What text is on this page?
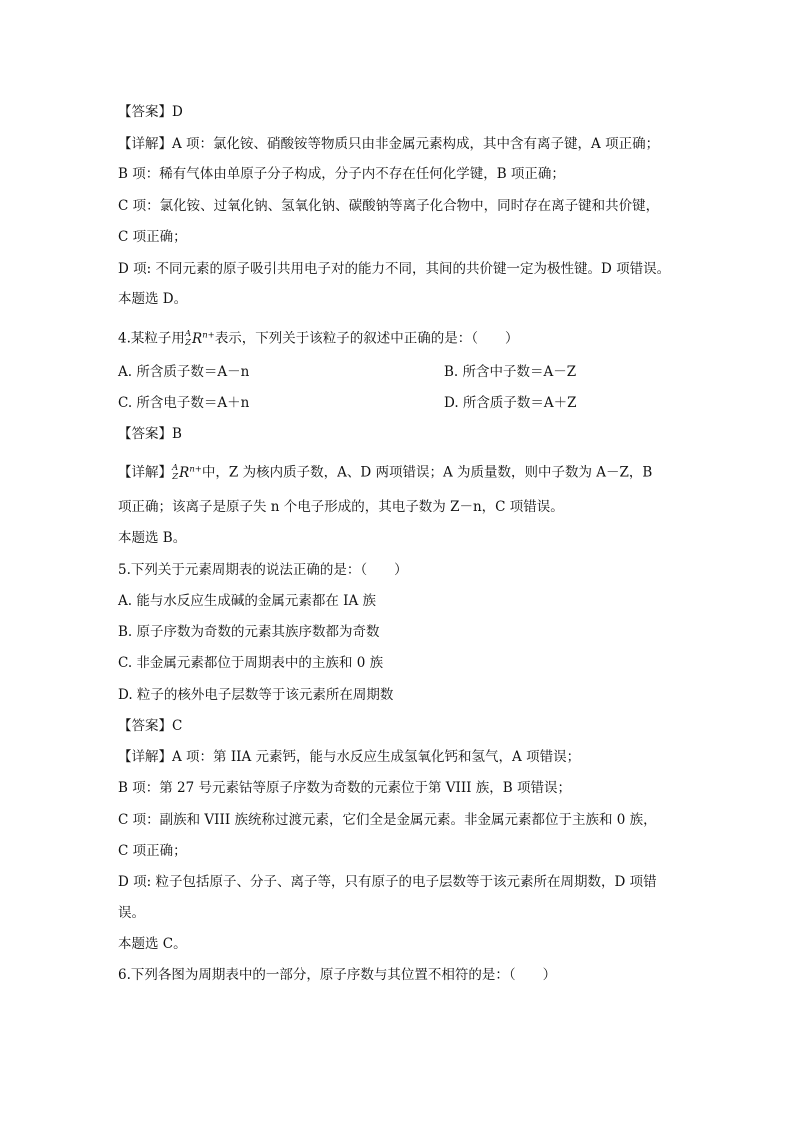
【答案】D
【详解】A 项：氯化铵、硝酸铵等物质只由非金属元素构成，其中含有离子键，A 项正确；
B 项：稀有气体由单原子分子构成，分子内不存在任何化学键，B 项正确；
C 项：氯化铵、过氧化钠、氢氧化钠、碳酸钠等离子化合物中，同时存在离子键和共价键，
C 项正确；
D 项: 不同元素的原子吸引共用电子对的能力不同，其间的共价键一定为极性键。D 项错误。
本题选 D。
4.某粒子用 A
Z $R^{n+}$表示，下列关于该粒子的叙述中正确的是：（　　）
A. 所含质子数＝A－n	B. 所含中子数＝A－Z
C. 所含电子数＝A＋n	D. 所含质子数＝A＋Z
【答案】B
【详解】 A
Z $R^{n+}$中，Z 为核内质子数，A、D 两项错误；A 为质量数，则中子数为 A－Z，B
项正确；该离子是原子失 n 个电子形成的，其电子数为 Z－n，C 项错误。
本题选 B。
5.下列关于元素周期表的说法正确的是：（　　）
A. 能与水反应生成碱的金属元素都在 IA 族
B. 原子序数为奇数的元素其族序数都为奇数
C. 非金属元素都位于周期表中的主族和 0 族
D. 粒子的核外电子层数等于该元素所在周期数
【答案】C
【详解】A 项：第 IIA 元素钙，能与水反应生成氢氧化钙和氢气，A 项错误；
B 项：第 27 号元素钴等原子序数为奇数的元素位于第 VIII 族，B 项错误；
C 项：副族和 VIII 族统称过渡元素，它们全是金属元素。非金属元素都位于主族和 0 族，
C 项正确；
D 项: 粒子包括原子、分子、离子等，只有原子的电子层数等于该元素所在周期数，D 项错
误。
本题选 C。
6.下列各图为周期表中的一部分，原子序数与其位置不相符的是：（　　）
